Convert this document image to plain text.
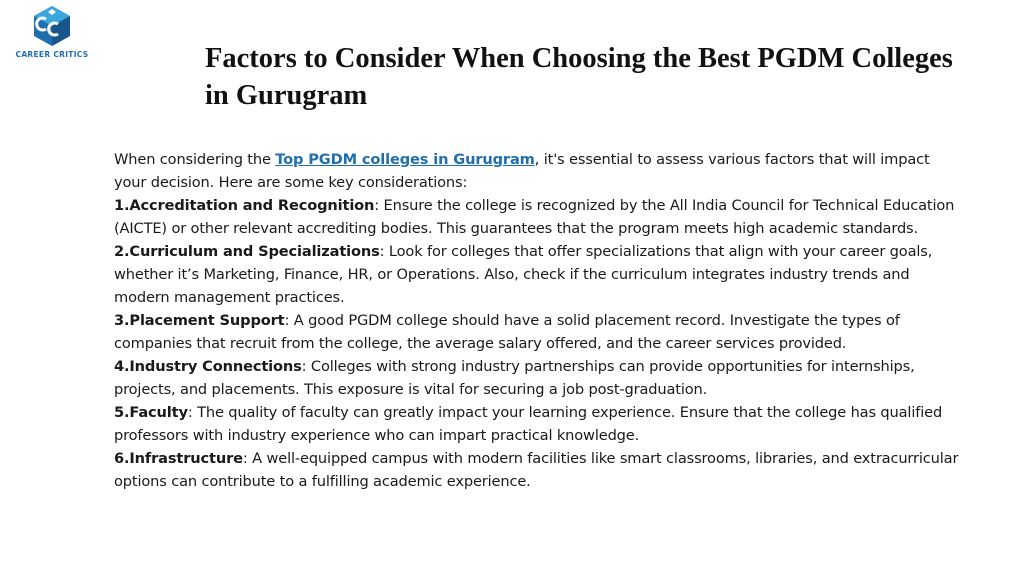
CAREER CRITICS	Factors to Consider When Choosing the Best PGDM Colleges in Gurugram

When considering the Top PGDM colleges in Gurugram, it's essential to assess various factors that will impact your decision. Here are some key considerations:

1.Accreditation and Recognition: Ensure the college is recognized by the All India Council for Technical Education (AICTE) or other relevant accrediting bodies. This guarantees that the program meets high academic standards.

2.Curriculum and Specializations: Look for colleges that offer specializations that align with your career goals, whether it’s Marketing, Finance, HR, or Operations. Also, check if the curriculum integrates industry trends and modern management practices.

3.Placement Support: A good PGDM college should have a solid placement record. Investigate the types of companies that recruit from the college, the average salary offered, and the career services provided.

4.Industry Connections: Colleges with strong industry partnerships can provide opportunities for internships, projects, and placements. This exposure is vital for securing a job post-graduation.

5.Faculty: The quality of faculty can greatly impact your learning experience. Ensure that the college has qualified professors with industry experience who can impart practical knowledge.

6.Infrastructure: A well-equipped campus with modern facilities like smart classrooms, libraries, and extracurricular options can contribute to a fulfilling academic experience.
